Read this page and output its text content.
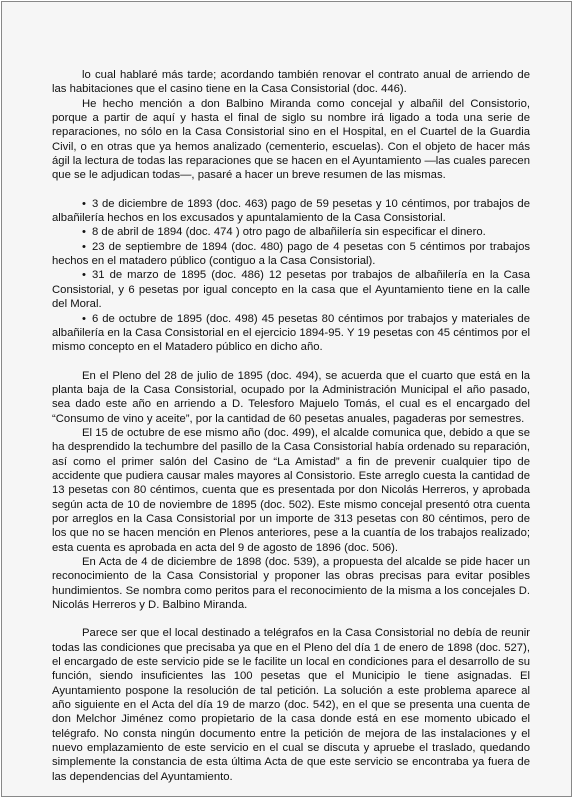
lo cual hablaré más tarde; acordando también renovar el contrato anual de arriendo de las habitaciones que el casino tiene en la Casa Consistorial (doc. 446).

He hecho mención a don Balbino Miranda como concejal y albañil del Consistorio, porque a partir de aquí y hasta el final de siglo su nombre irá ligado a toda una serie de reparaciones, no sólo en la Casa Consistorial sino en el Hospital, en el Cuartel de la Guardia Civil, o en otras que ya hemos analizado (cementerio, escuelas). Con el objeto de hacer más ágil la lectura de todas las reparaciones que se hacen en el Ayuntamiento —las cuales parecen que se le adjudican todas—, pasaré a hacer un breve resumen de las mismas.

• 3 de diciembre de 1893 (doc. 463) pago de 59 pesetas y 10 céntimos, por trabajos de albañilería hechos en los excusados y apuntalamiento de la Casa Consistorial.

• 8 de abril de 1894 (doc. 474 ) otro pago de albañilería sin especificar el dinero.

• 23 de septiembre de 1894 (doc. 480) pago de 4 pesetas con 5 céntimos por trabajos hechos en el matadero público (contiguo a la Casa Consistorial).

• 31 de marzo de 1895 (doc. 486) 12 pesetas por trabajos de albañilería en la Casa Consistorial, y 6 pesetas por igual concepto en la casa que el Ayuntamiento tiene en la calle del Moral.

• 6 de octubre de 1895 (doc. 498) 45 pesetas 80 céntimos por trabajos y materiales de albañilería en la Casa Consistorial en el ejercicio 1894-95. Y 19 pesetas con 45 céntimos por el mismo concepto en el Matadero público en dicho año.

En el Pleno del 28 de julio de 1895 (doc. 494), se acuerda que el cuarto que está en la planta baja de la Casa Consistorial, ocupado por la Administración Municipal el año pasado, sea dado este año en arriendo a D. Telesforo Majuelo Tomás, el cual es el encargado del “Consumo de vino y aceite”, por la cantidad de 60 pesetas anuales, pagaderas por semestres.

El 15 de octubre de ese mismo año (doc. 499), el alcalde comunica que, debido a que se ha desprendido la techumbre del pasillo de la Casa Consistorial había ordenado su reparación, así como el primer salón del Casino de “La Amistad” a fin de prevenir cualquier tipo de accidente que pudiera causar males mayores al Consistorio. Este arreglo cuesta la cantidad de 13 pesetas con 80 céntimos, cuenta que es presentada por don Nicolás Herreros, y aprobada según acta de 10 de noviembre de 1895 (doc. 502). Este mismo concejal presentó otra cuenta por arreglos en la Casa Consistorial por un importe de 313 pesetas con 80 céntimos, pero de los que no se hacen mención en Plenos anteriores, pese a la cuantía de los trabajos realizado; esta cuenta es aprobada en acta del 9 de agosto de 1896 (doc. 506).

En Acta de 4 de diciembre de 1898 (doc. 539), a propuesta del alcalde se pide hacer un reconocimiento de la Casa Consistorial y proponer las obras precisas para evitar posibles hundimientos. Se nombra como peritos para el reconocimiento de la misma a los concejales D. Nicolás Herreros y D. Balbino Miranda.

Parece ser que el local destinado a telégrafos en la Casa Consistorial no debía de reunir todas las condiciones que precisaba ya que en el Pleno del día 1 de enero de 1898 (doc. 527), el encargado de este servicio pide se le facilite un local en condiciones para el desarrollo de su función, siendo insuficientes las 100 pesetas que el Municipio le tiene asignadas. El Ayuntamiento pospone la resolución de tal petición. La solución a este problema aparece al año siguiente en el Acta del día 19 de marzo (doc. 542), en el que se presenta una cuenta de don Melchor Jiménez como propietario de la casa donde está en ese momento ubicado el telégrafo. No consta ningún documento entre la petición de mejora de las instalaciones y el nuevo emplazamiento de este servicio en el cual se discuta y apruebe el traslado, quedando simplemente la constancia de esta última Acta de que este servicio se encontraba ya fuera de las dependencias del Ayuntamiento.
